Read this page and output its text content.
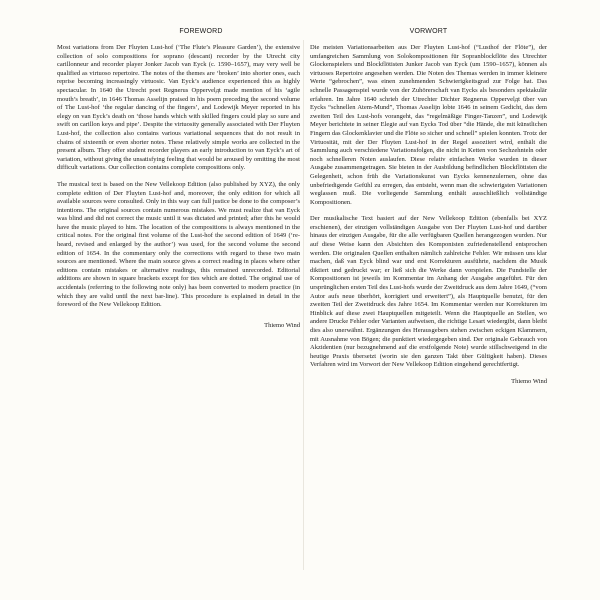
FOREWORD

Most variations from Der Fluyten Lust-hof (‘The Flute’s Pleasure Garden’), the extensive collection of solo compositions for soprano (descant) recorder by the Utrecht city carillonneur and recorder player Jonker Jacob van Eyck (c. 1590–1657), may very well be qualified as virtuoso repertoire. The notes of the themes are ‘broken’ into shorter ones, each reprise becoming increasingly virtuosic. Van Eyck’s audience experienced this as highly spectacular. In 1640 the Utrecht poet Regnerus Oppervelдt made mention of his ‘agile mouth’s breath’, in 1646 Thomas Asselijn praised in his poem preceding the second volume of The Lust-hof ‘the regular dancing of the fingers’, and Lodewijk Meyer reported in his elegy on van Eyck’s death on ‘those hands which with skilled fingers could play so sure and swift on carillon keys and pipe’. Despite the virtuosity generally associated with Der Fluyten Lust-hof, the collection also contains various variational sequences that do not result in chains of sixteenth or even shorter notes. These relatively simple works are collected in the present album. They offer student recorder players an early introduction to van Eyck’s art of variation, without giving the unsatisfying feeling that would be aroused by omitting the most difficult variations. Our collection contains complete compositions only.

The musical text is based on the New Vellekoop Edition (also published by XYZ), the only complete edition of Der Fluyten Lust-hof and, moreover, the only edition for which all available sources were consulted. Only in this way can full justice be done to the composer’s intentions. The original sources contain numerous mistakes. We must realize that van Eyck was blind and did not correct the music until it was dictated and printed; after this he would have the music played to him. The location of the compositions is always mentioned in the critical notes. For the original first volume of the Lust-hof the second edition of 1649 (‘re-heard, revised and enlarged by the author’) was used, for the second volume the second edition of 1654. In the commentary only the corrections with regard to these two main sources are mentioned. Where the main source gives a correct reading in places where other editions contain mistakes or alternative readings, this remained unrecorded. Editorial additions are shown in square brackets except for ties which are dotted. The original use of accidentals (referring to the following note only) has been converted to modern practice (in which they are valid until the next bar-line). This procedure is explained in detail in the foreword of the New Vellekoop Edition.

Thiemo Wind
VORWORT

Die meisten Variationsarbeiten aus Der Fluyten Lust-hof (“Lusthof der Flöte”), der umfangreichen Sammlung von Solokompositionen für Sopranblockflöte des Utrechter Glockenspielers und Blockflötisten Junker Jacob van Eyck (um 1590–1657), können als virtuoses Repertoire angesehen werden. Die Noten des Themas werden in immer kleinere Werte “gebrochen”, was einen zunehmenden Schwierigkeitsgrad zur Folge hat. Das schnelle Passagenspiel wurde von der Zuhörerschaft van Eycks als besonders spektakulär erfahren. Im Jahre 1640 schrieb der Utrechter Dichter Regnerus Oppervelдt über van Eycks “schnellen Atem-Mund”, Thomas Asselijn lobte 1646 in seinem Gedicht, das dem zweiten Teil des Lust-hofs vorangeht, das “regelmäßige Finger-Tanzen”, und Lodewijk Meyer berichtete in seiner Elegie auf van Eycks Tod über “die Hände, die mit künstlichen Fingern das Glockenklavier und die Flöte so sicher und schnell” spielen konnten. Trotz der Virtuosität, mit der Der Fluyten Lust-hof in der Regel assoziiert wird, enthält die Sammlung auch verschiedene Variationsfolgen, die nicht in Ketten von Sechzehnteln oder noch schnelleren Noten auslaufen. Diese relativ einfachen Werke wurden in dieser Ausgabe zusammengetragen. Sie bieten in der Ausbildung befindlichen Blockflötisten die Gelegenheit, schon früh die Variationskunst van Eycks kennenzulernen, ohne das unbefriedigende Gefühl zu erregen, das entsteht, wenn man die schwierigsten Variationen weglassen muß. Die vorliegende Sammlung enthält ausschließlich vollständige Kompositionen.

Der musikalische Text basiert auf der New Vellekoop Edition (ebenfalls bei XYZ erschienen), der einzigen vollständigen Ausgabe von Der Fluyten Lust-hof und darüber hinaus der einzigen Ausgabe, für die alle verfügbaren Quellen herangezogen wurden. Nur auf diese Weise kann den Absichten des Komponisten zufriedenstellend entsprochen werden. Die originalen Quellen enthalten nämlich zahlreiche Fehler. Wir müssen uns klar machen, daß van Eyck blind war und erst Korrekturen ausführte, nachdem die Musik diktiert und gedruckt war; er ließ sich die Werke dann vorspielen. Die Fundstelle der Kompositionen ist jeweils im Kommentar im Anhang der Ausgabe angeführt. Für den ursprünglichen ersten Teil des Lust-hofs wurde der Zweitdruck aus dem Jahre 1649, (“vom Autor aufs neue überhört, korrigiert und erweitert”), als Hauptquelle benutzt, für den zweiten Teil der Zweitdruck des Jahre 1654. Im Kommentar werden nur Korrekturen im Hinblick auf diese zwei Hauptquellen mitgeteilt. Wenn die Hauptquelle an Stellen, wo andere Drucke Fehler oder Varianten aufweisen, die richtige Lesart wiedergibt, dann bleibt dies also unerwähnt. Ergänzungen des Herausgebers stehen zwischen eckigen Klammern, mit Ausnahme von Bögen; die punktiert wiedergegeben sind. Der originale Gebrauch von Akzidentien (nur bezugnehmend auf die erstfolgende Note) wurde stillschweigend in die heutige Praxis übersetzt (worin sie den ganzen Takt über Gültigkeit haben). Dieses Verfahren wird im Vorwort der New Vellekoop Edition eingehend gerechtfertigt.

Thiemo Wind
